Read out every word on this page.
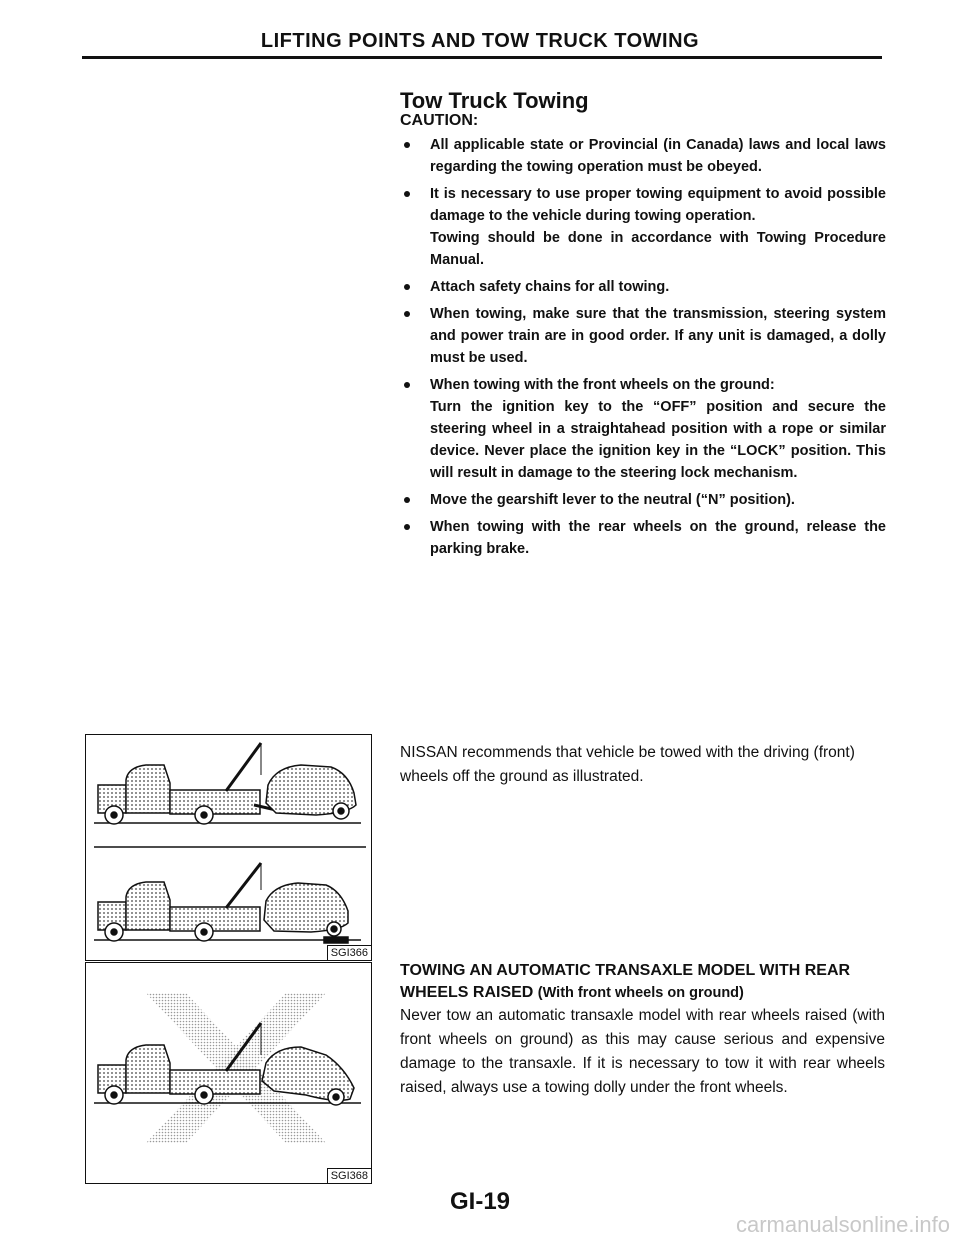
LIFTING POINTS AND TOW TRUCK TOWING
Tow Truck Towing
CAUTION:
All applicable state or Provincial (in Canada) laws and local laws regarding the towing operation must be obeyed.
It is necessary to use proper towing equipment to avoid possible damage to the vehicle during towing operation.
Towing should be done in accordance with Towing Procedure Manual.
Attach safety chains for all towing.
When towing, make sure that the transmission, steering system and power train are in good order. If any unit is damaged, a dolly must be used.
When towing with the front wheels on the ground:
Turn the ignition key to the “OFF” position and secure the steering wheel in a straightahead position with a rope or similar device. Never place the ignition key in the “LOCK” position. This will result in damage to the steering lock mechanism.
Move the gearshift lever to the neutral (“N” position).
When towing with the rear wheels on the ground, release the parking brake.
SGI366
SGI368
NISSAN recommends that vehicle be towed with the driving (front) wheels off the ground as illustrated.
TOWING AN AUTOMATIC TRANSAXLE MODEL WITH REAR WHEELS RAISED (With front wheels on ground)
Never tow an automatic transaxle model with rear wheels raised (with front wheels on ground) as this may cause serious and expensive damage to the transaxle. If it is necessary to tow it with rear wheels raised, always use a towing dolly under the front wheels.
GI-19
carmanualsonline.info
